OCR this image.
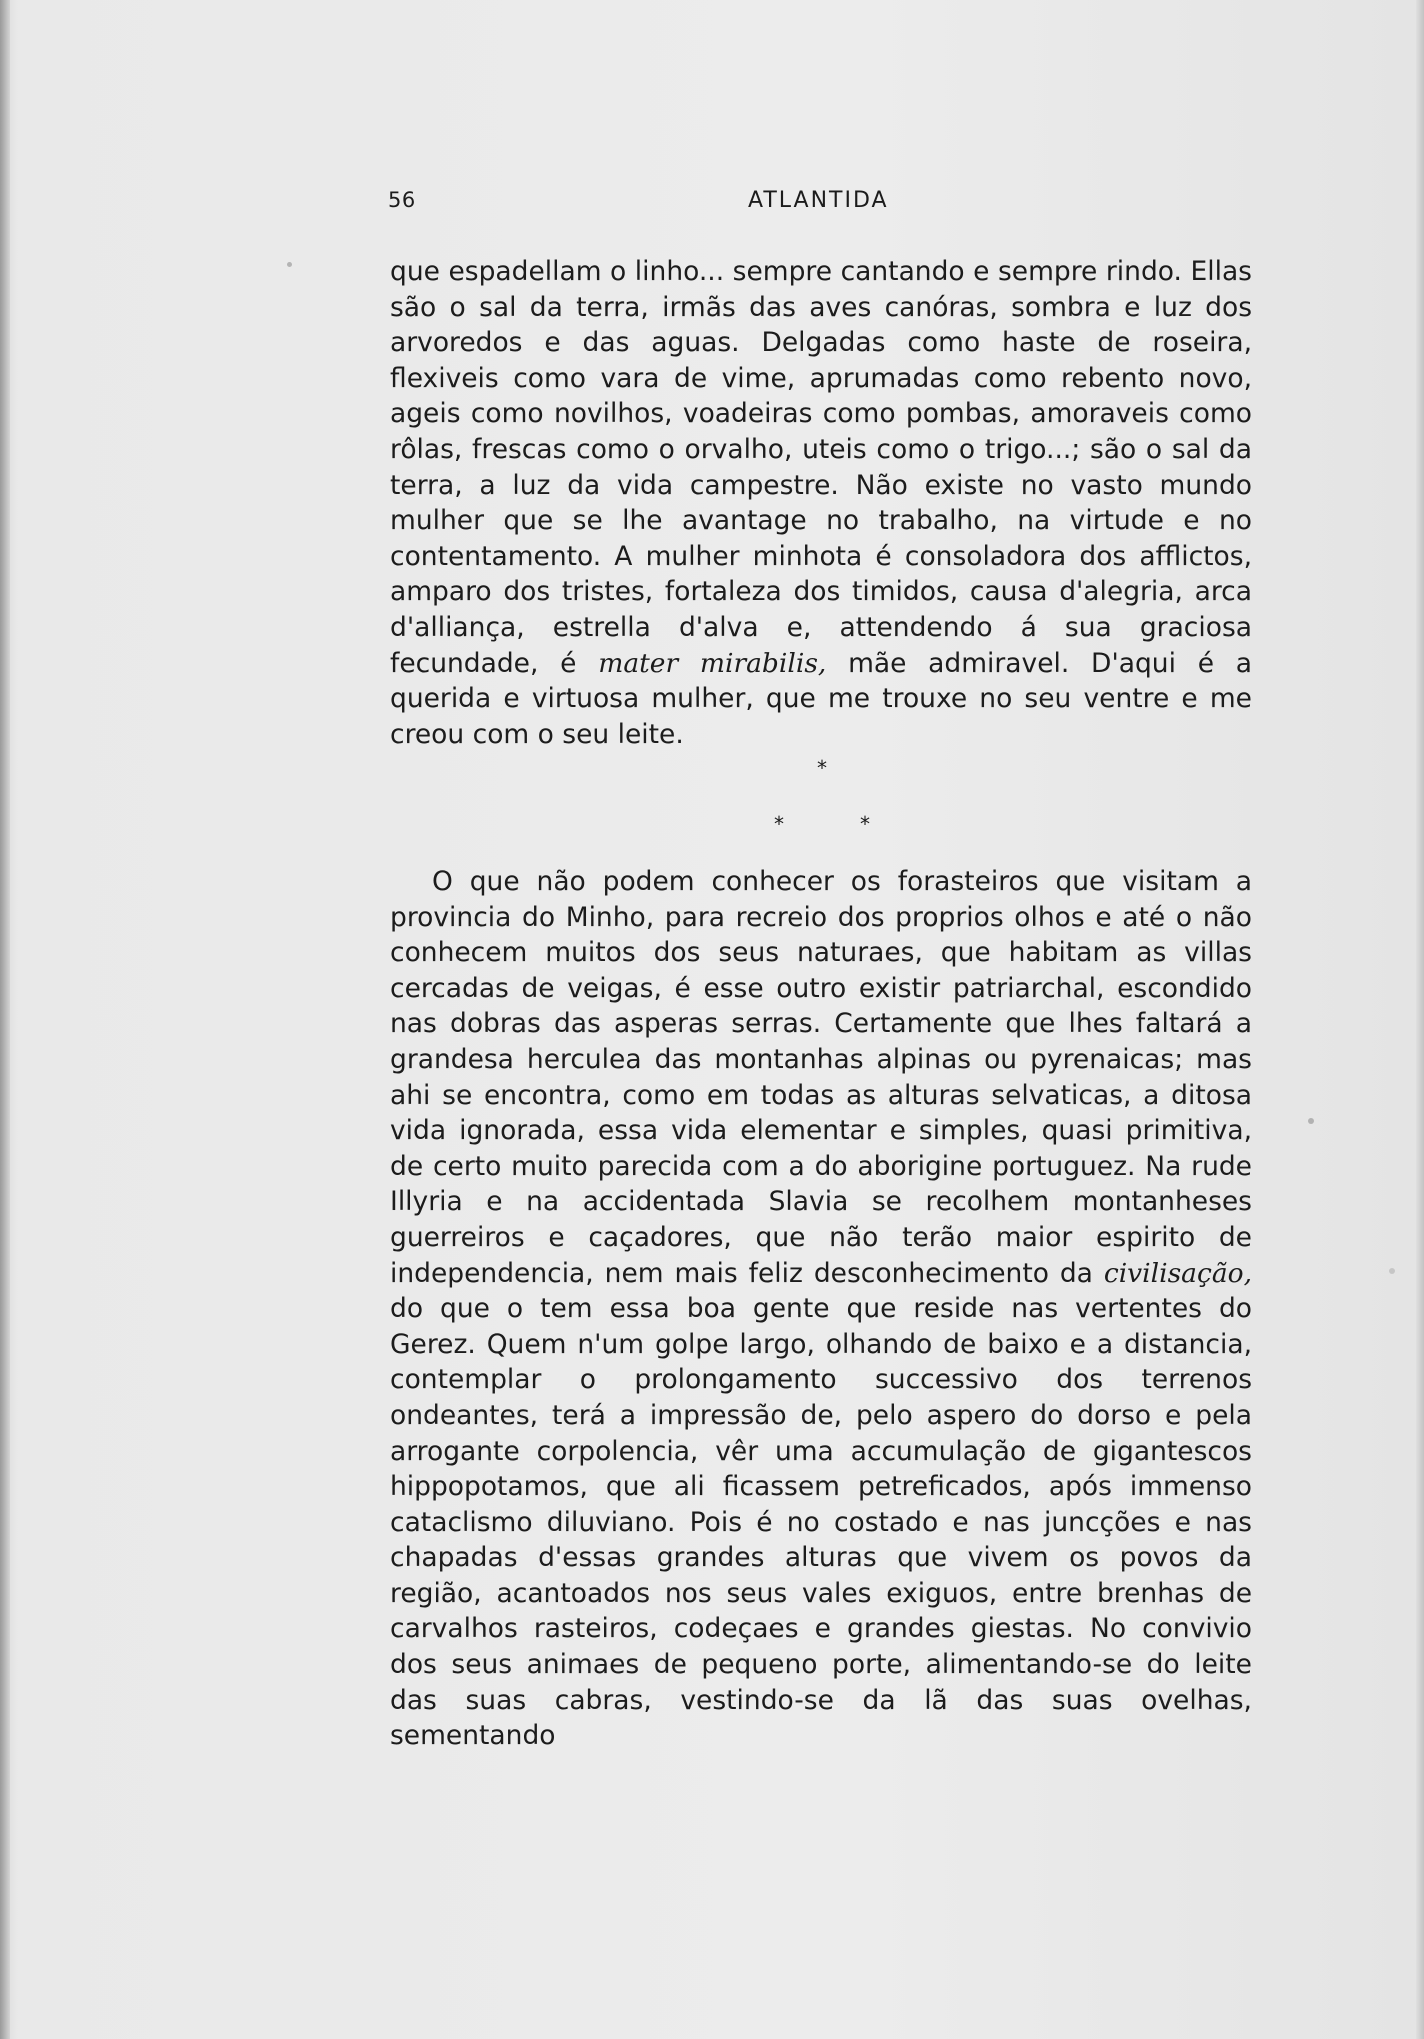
56	ATLANTIDA

que espadellam o linho... sempre cantando e sempre rindo. Ellas são o sal da terra, irmãs das aves canóras, sombra e luz dos arvoredos e das aguas. Delgadas como haste de roseira, flexiveis como vara de vime, aprumadas como rebento novo, ageis como novilhos, voadeiras como pombas, amoraveis como rôlas, frescas como o orvalho, uteis como o trigo...; são o sal da terra, a luz da vida campestre. Não existe no vasto mundo mulher que se lhe avantage no trabalho, na virtude e no contentamento. A mulher minhota é consoladora dos afflictos, amparo dos tristes, fortaleza dos timidos, causa d'alegria, arca d'alliança, estrella d'alva e, attendendo á sua graciosa fecundade, é mater mirabilis, mãe admiravel. D'aqui é a querida e virtuosa mulher, que me trouxe no seu ventre e me creou com o seu leite.

*
*	*

O que não podem conhecer os forasteiros que visitam a provincia do Minho, para recreio dos proprios olhos e até o não conhecem muitos dos seus naturaes, que habitam as villas cercadas de veigas, é esse outro existir patriarchal, escondido nas dobras das asperas serras. Certamente que lhes faltará a grandesa herculea das montanhas alpinas ou pyrenaicas; mas ahi se encontra, como em todas as alturas selvaticas, a ditosa vida ignorada, essa vida elementar e simples, quasi primitiva, de certo muito parecida com a do aborigine portuguez. Na rude Illyria e na accidentada Slavia se recolhem montanheses guerreiros e caçadores, que não terão maior espirito de independencia, nem mais feliz desconhecimento da civilisação, do que o tem essa boa gente que reside nas vertentes do Gerez. Quem n'um golpe largo, olhando de baixo e a distancia, contemplar o prolongamento successivo dos terrenos ondeantes, terá a impressão de, pelo aspero do dorso e pela arrogante corpolencia, vêr uma accumulação de gigantescos hippopotamos, que ali ficassem petreficados, após immenso cataclismo diluviano. Pois é no costado e nas juncções e nas chapadas d'essas grandes alturas que vivem os povos da região, acantoados nos seus vales exiguos, entre brenhas de carvalhos rasteiros, codeçaes e grandes giestas. No convivio dos seus animaes de pequeno porte, alimentando-se do leite das suas cabras, vestindo-se da lã das suas ovelhas, sementando
